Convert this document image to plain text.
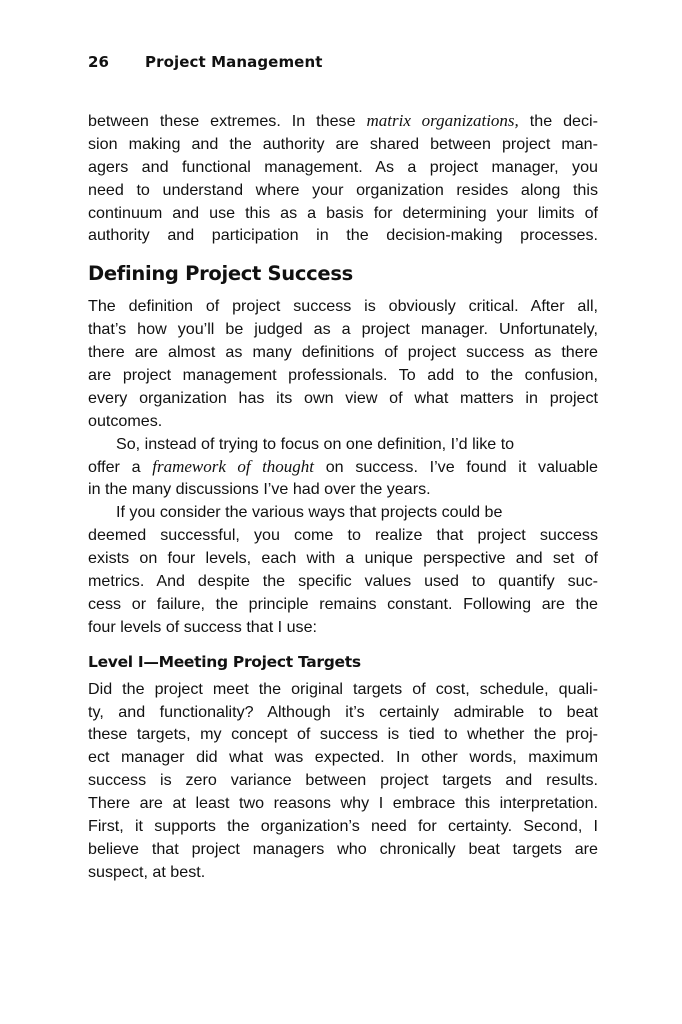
26 Project Management
between these extremes. In these matrix organizations, the deci-
sion making and the authority are shared between project man-
agers and functional management. As a project manager, you
need to understand where your organization resides along this
continuum and use this as a basis for determining your limits of
authority and participation in the decision-making processes.
Defining Project Success
The definition of project success is obviously critical. After all,
that’s how you’ll be judged as a project manager. Unfortunately,
there are almost as many definitions of project success as there
are project management professionals. To add to the confusion,
every organization has its own view of what matters in project
outcomes.
So, instead of trying to focus on one definition, I’d like to
offer a framework of thought on success. I’ve found it valuable
in the many discussions I’ve had over the years.
If you consider the various ways that projects could be
deemed successful, you come to realize that project success
exists on four levels, each with a unique perspective and set of
metrics. And despite the specific values used to quantify suc-
cess or failure, the principle remains constant. Following are the
four levels of success that I use:
Level I—Meeting Project Targets
Did the project meet the original targets of cost, schedule, quali-
ty, and functionality? Although it’s certainly admirable to beat
these targets, my concept of success is tied to whether the proj-
ect manager did what was expected. In other words, maximum
success is zero variance between project targets and results.
There are at least two reasons why I embrace this interpretation.
First, it supports the organization’s need for certainty. Second, I
believe that project managers who chronically beat targets are
suspect, at best.
